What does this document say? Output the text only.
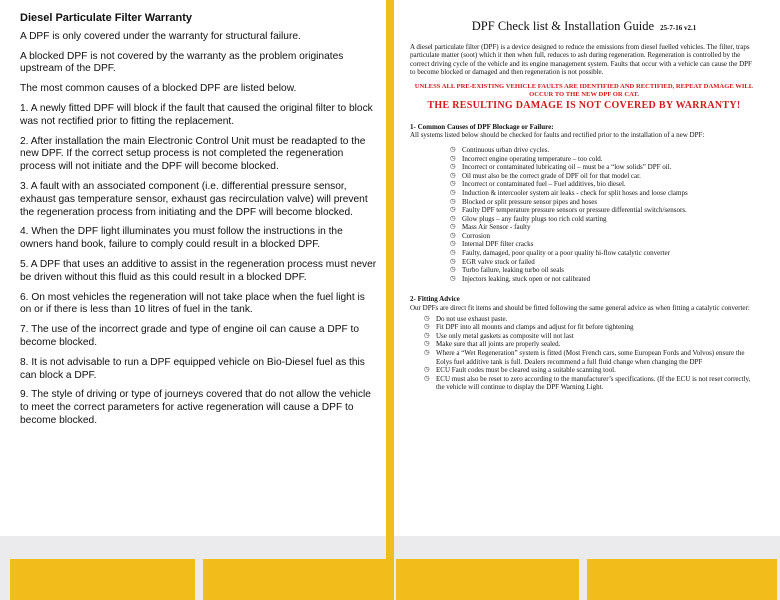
Diesel Particulate Filter Warranty

A DPF is only covered under the warranty for structural failure.

A blocked DPF is not covered by the warranty as the problem originates upstream of the DPF.

The most common causes of a blocked DPF are listed below.

1. A newly fitted DPF will block if the fault that caused the original filter to block was not rectified prior to fitting the replacement.

2. After installation the main Electronic Control Unit must be readapted to the new DPF. If the correct setup process is not completed the regeneration process will not initiate and the DPF will become blocked.

3. A fault with an associated component (i.e. differential pressure sensor, exhaust gas temperature sensor, exhaust gas recirculation valve) will prevent the regeneration process from initiating and the DPF will become blocked.

4. When the DPF light illuminates you must follow the instructions in the owners hand book, failure to comply could result in a blocked DPF.

5. A DPF that uses an additive to assist in the regeneration process must never be driven without this fluid as this could result in a blocked DPF.

6. On most vehicles the regeneration will not take place when the fuel light is on or if there is less than 10 litres of fuel in the tank.

7. The use of the incorrect grade and type of engine oil can cause a DPF to become blocked.

8. It is not advisable to run a DPF equipped vehicle on Bio-Diesel fuel as this can block a DPF.

9. The style of driving or type of journeys covered that do not allow the vehicle to meet the correct parameters for active regeneration will cause a DPF to become blocked.

DPF Check list & Installation Guide 25-7-16 v2.1

A diesel particulate filter (DPF) is a device designed to reduce the emissions from diesel fuelled vehicles. The filter, traps particulate matter (soot) which it then when full, reduces to ash during regeneration. Regeneration is controlled by the correct driving cycle of the vehicle and its engine management system. Faults that occur with a vehicle can cause the DPF to become blocked or damaged and then regeneration is not possible.

UNLESS ALL PRE-EXISTING VEHICLE FAULTS ARE IDENTIFIED AND RECTIFIED, REPEAT DAMAGE WILL OCCUR TO THE NEW DPF OR CAT.
THE RESULTING DAMAGE IS NOT COVERED BY WARRANTY!
1- Common Causes of DPF Blockage or Failure:
All systems listed below should be checked for faults and rectified prior to the installation of a new DPF:
◷ Continuous urban drive cycles.
◷ Incorrect engine operating temperature – too cold.
◷ Incorrect or contaminated lubricating oil – must be a “low solids” DPF oil.
◷ Oil must also be the correct grade of DPF oil for that model car.
◷ Incorrect or contaminated fuel – Fuel additives, bio diesel.
◷ Induction & intercooler system air leaks - check for split hoses and loose clamps
◷ Blocked or split pressure sensor pipes and hoses
◷ Faulty DPF temperature pressure sensors or pressure differential switch/sensors.
◷ Glow plugs – any faulty plugs too rich cold starting
◷ Mass Air Sensor - faulty
◷ Corrosion
◷ Internal DPF filter cracks
◷ Faulty, damaged, poor quality or a poor quality hi-flow catalytic converter
◷ EGR valve stuck or failed
◷ Turbo failure, leaking turbo oil seals
◷ Injectors leaking, stuck open or not calibrated
2- Fitting Advice
Our DPFs are direct fit items and should be fitted following the same general advice as when fitting a catalytic converter:
◷ Do not use exhaust paste.
◷ Fit DPF into all mounts and clamps and adjust for fit before tightening
◷ Use only metal gaskets as composite will not last
◷ Make sure that all joints are properly sealed.
◷ Where a “Wet Regeneration” system is fitted (Most French cars, some European Fords and Volvos) ensure the Eolys fuel additive tank is full. Dealers recommend a full fluid change when changing the DPF
◷ ECU Fault codes must be cleared using a suitable scanning tool.
◷ ECU must also be reset to zero according to the manufacturer’s specifications. (If the ECU is not reset correctly, the vehicle will continue to display the DPF Warning Light.
